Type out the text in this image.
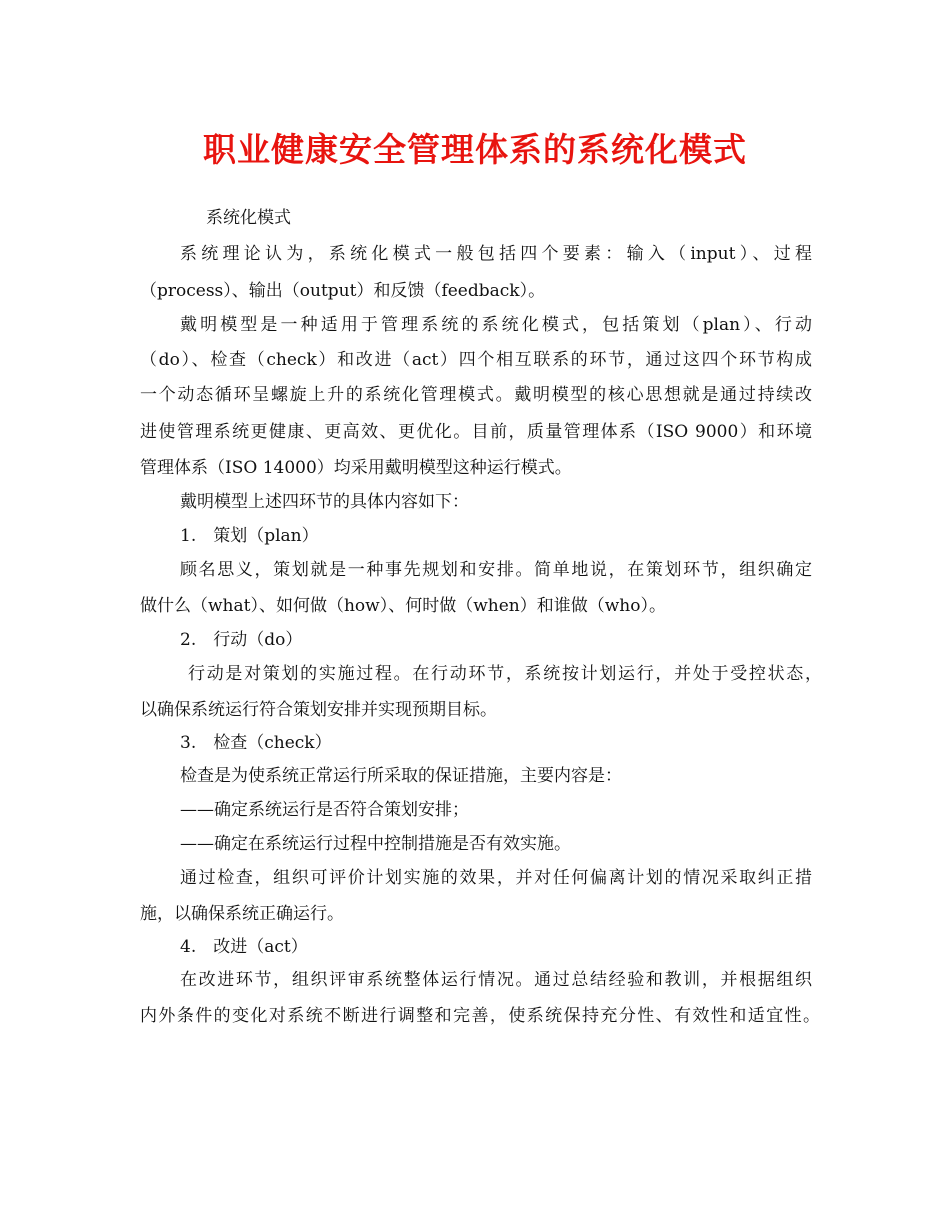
职业健康安全管理体系的系统化模式
系统化模式
系统理论认为，系统化模式一般包括四个要素：输入（input）、过程
（process）、输出（output）和反馈（feedback）。
戴明模型是一种适用于管理系统的系统化模式，包括策划（plan）、行动
（do）、检查（check）和改进（act）四个相互联系的环节，通过这四个环节构成
一个动态循环呈螺旋上升的系统化管理模式。戴明模型的核心思想就是通过持续改
进使管理系统更健康、更高效、更优化。目前，质量管理体系（ISO 9000）和环境
管理体系（ISO 14000）均采用戴明模型这种运行模式。
戴明模型上述四环节的具体内容如下：
1.　策划（plan）
顾名思义，策划就是一种事先规划和安排。简单地说，在策划环节，组织确定
做什么（what）、如何做（how）、何时做（when）和谁做（who）。
2.　行动（do）
行动是对策划的实施过程。在行动环节，系统按计划运行，并处于受控状态，
以确保系统运行符合策划安排并实现预期目标。
3.　检查（check）
检查是为使系统正常运行所采取的保证措施，主要内容是：
——确定系统运行是否符合策划安排；
——确定在系统运行过程中控制措施是否有效实施。
通过检查，组织可评价计划实施的效果，并对任何偏离计划的情况采取纠正措
施，以确保系统正确运行。
4.　改进（act）
在改进环节，组织评审系统整体运行情况。通过总结经验和教训，并根据组织
内外条件的变化对系统不断进行调整和完善，使系统保持充分性、有效性和适宜性。
